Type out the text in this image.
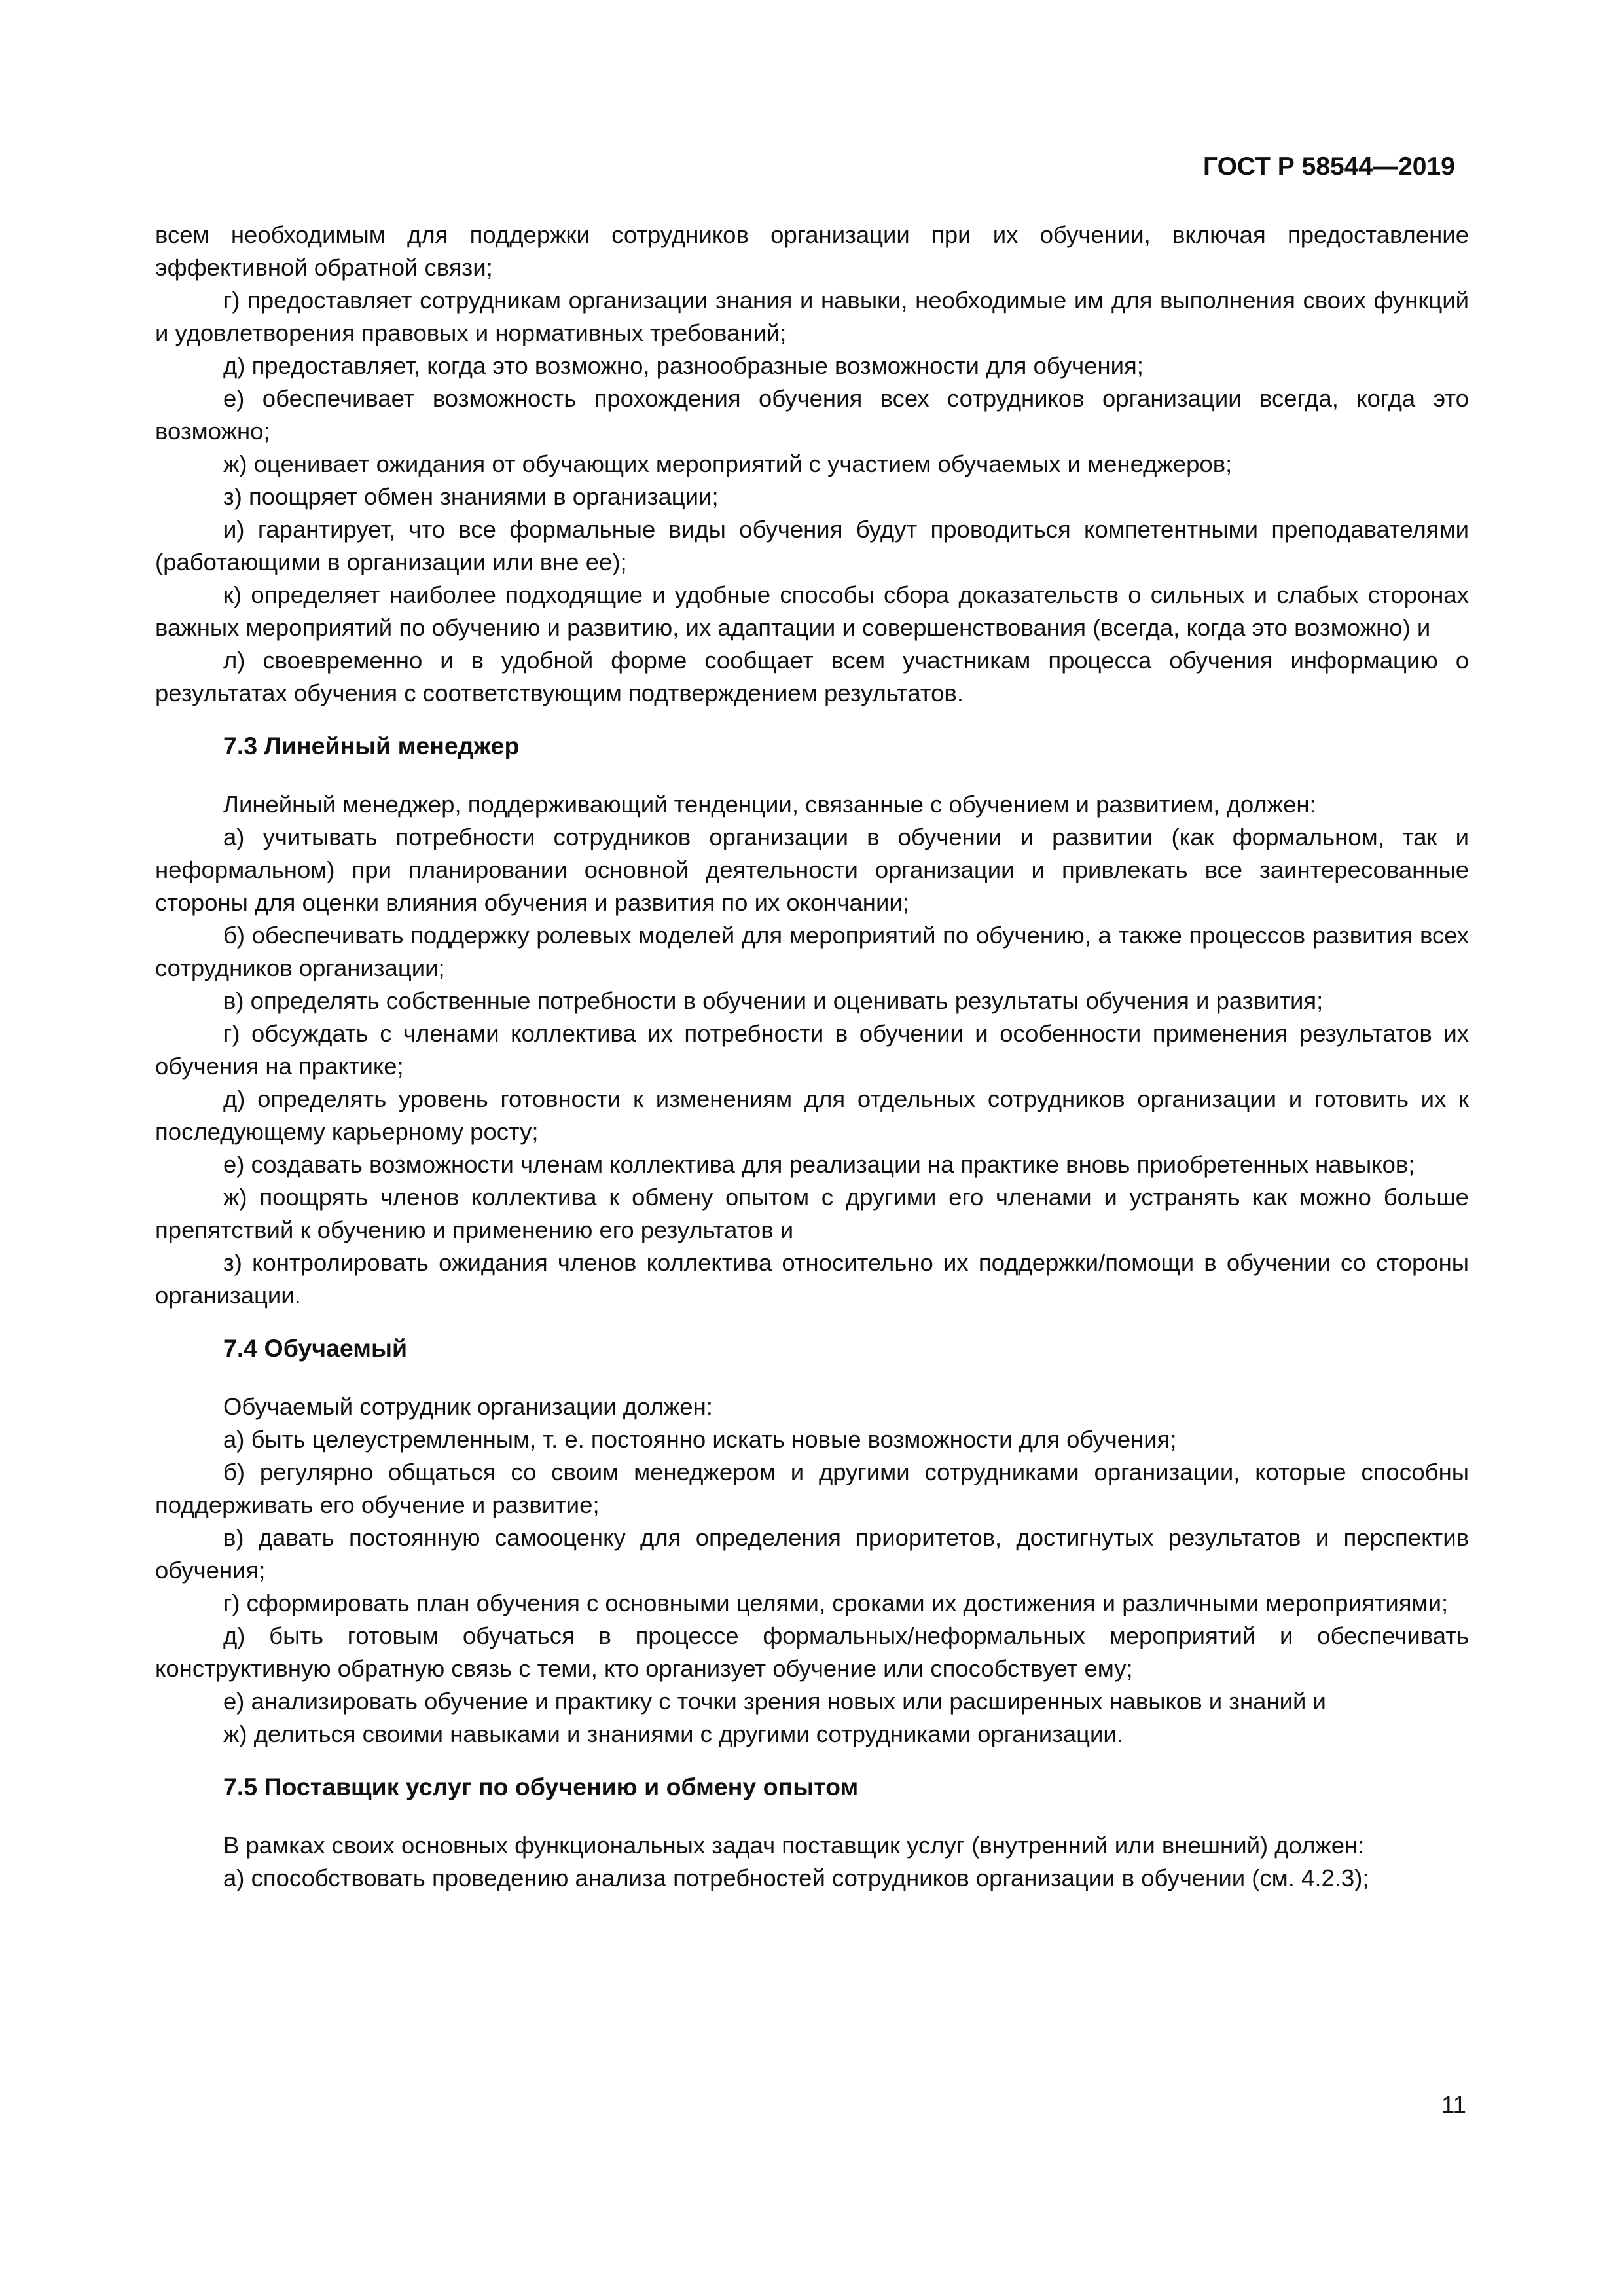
ГОСТ Р 58544—2019

всем необходимым для поддержки сотрудников организации при их обучении, включая предоставление эффективной обратной связи;

г) предоставляет сотрудникам организации знания и навыки, необходимые им для выполнения своих функций и удовлетворения правовых и нормативных требований;

д) предоставляет, когда это возможно, разнообразные возможности для обучения;

е) обеспечивает возможность прохождения обучения всех сотрудников организации всегда, когда это возможно;

ж) оценивает ожидания от обучающих мероприятий с участием обучаемых и менеджеров;

з) поощряет обмен знаниями в организации;

и) гарантирует, что все формальные виды обучения будут проводиться компетентными преподавателями (работающими в организации или вне ее);

к) определяет наиболее подходящие и удобные способы сбора доказательств о сильных и слабых сторонах важных мероприятий по обучению и развитию, их адаптации и совершенствования (всегда, когда это возможно) и

л) своевременно и в удобной форме сообщает всем участникам процесса обучения информацию о результатах обучения с соответствующим подтверждением результатов.

7.3 Линейный менеджер

Линейный менеджер, поддерживающий тенденции, связанные с обучением и развитием, должен:

а) учитывать потребности сотрудников организации в обучении и развитии (как формальном, так и неформальном) при планировании основной деятельности организации и привлекать все заинтересованные стороны для оценки влияния обучения и развития по их окончании;

б) обеспечивать поддержку ролевых моделей для мероприятий по обучению, а также процессов развития всех сотрудников организации;

в) определять собственные потребности в обучении и оценивать результаты обучения и развития;

г) обсуждать с членами коллектива их потребности в обучении и особенности применения результатов их обучения на практике;

д) определять уровень готовности к изменениям для отдельных сотрудников организации и готовить их к последующему карьерному росту;

е) создавать возможности членам коллектива для реализации на практике вновь приобретенных навыков;

ж) поощрять членов коллектива к обмену опытом с другими его членами и устранять как можно больше препятствий к обучению и применению его результатов и

з) контролировать ожидания членов коллектива относительно их поддержки/помощи в обучении со стороны организации.

7.4 Обучаемый

Обучаемый сотрудник организации должен:

а) быть целеустремленным, т. е. постоянно искать новые возможности для обучения;

б) регулярно общаться со своим менеджером и другими сотрудниками организации, которые способны поддерживать его обучение и развитие;

в) давать постоянную самооценку для определения приоритетов, достигнутых результатов и перспектив обучения;

г) сформировать план обучения с основными целями, сроками их достижения и различными мероприятиями;

д) быть готовым обучаться в процессе формальных/неформальных мероприятий и обеспечивать конструктивную обратную связь с теми, кто организует обучение или способствует ему;

е) анализировать обучение и практику с точки зрения новых или расширенных навыков и знаний и

ж) делиться своими навыками и знаниями с другими сотрудниками организации.

7.5 Поставщик услуг по обучению и обмену опытом

В рамках своих основных функциональных задач поставщик услуг (внутренний или внешний) должен:

а) способствовать проведению анализа потребностей сотрудников организации в обучении (см. 4.2.3);

11
